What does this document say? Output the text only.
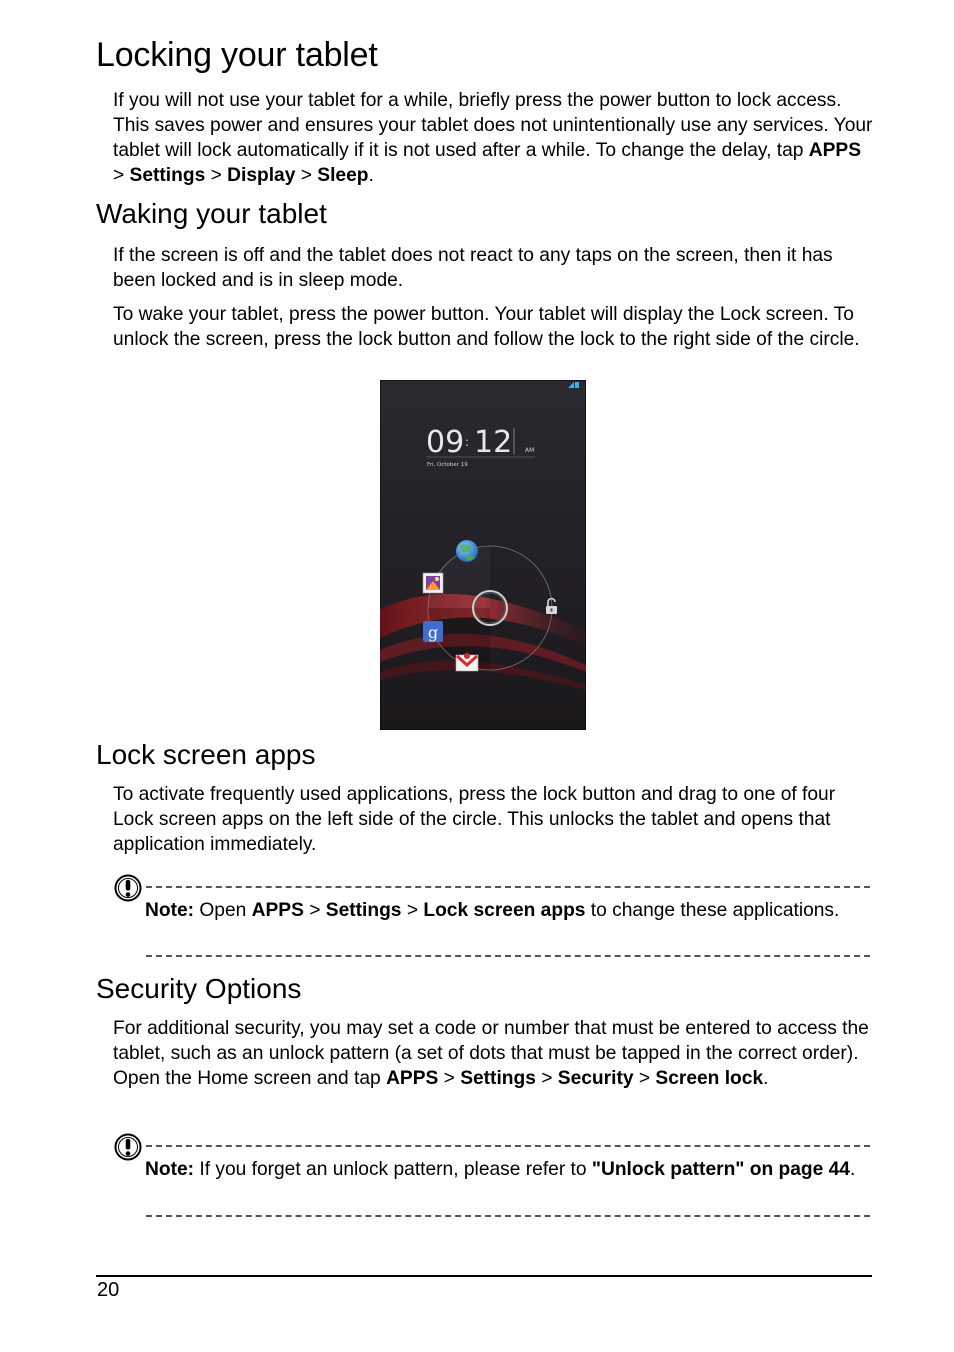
Locking your tablet

If you will not use your tablet for a while, briefly press the power button to lock access. This saves power and ensures your tablet does not unintentionally use any services. Your tablet will lock automatically if it is not used after a while. To change the delay, tap APPS > Settings > Display > Sleep.

Waking your tablet

If the screen is off and the tablet does not react to any taps on the screen, then it has been locked and is in sleep mode.

To wake your tablet, press the power button. Your tablet will display the Lock screen. To unlock the screen, press the lock button and follow the lock to the right side of the circle.

09 : 12 AM
Fri, October 19
g
Lock screen apps

To activate frequently used applications, press the lock button and drag to one of four Lock screen apps on the left side of the circle. This unlocks the tablet and opens that application immediately.

Note: Open APPS > Settings > Lock screen apps to change these applications.

Security Options

For additional security, you may set a code or number that must be entered to access the tablet, such as an unlock pattern (a set of dots that must be tapped in the correct order). Open the Home screen and tap APPS > Settings > Security > Screen lock.

Note: If you forget an unlock pattern, please refer to "Unlock pattern" on page 44.

20
